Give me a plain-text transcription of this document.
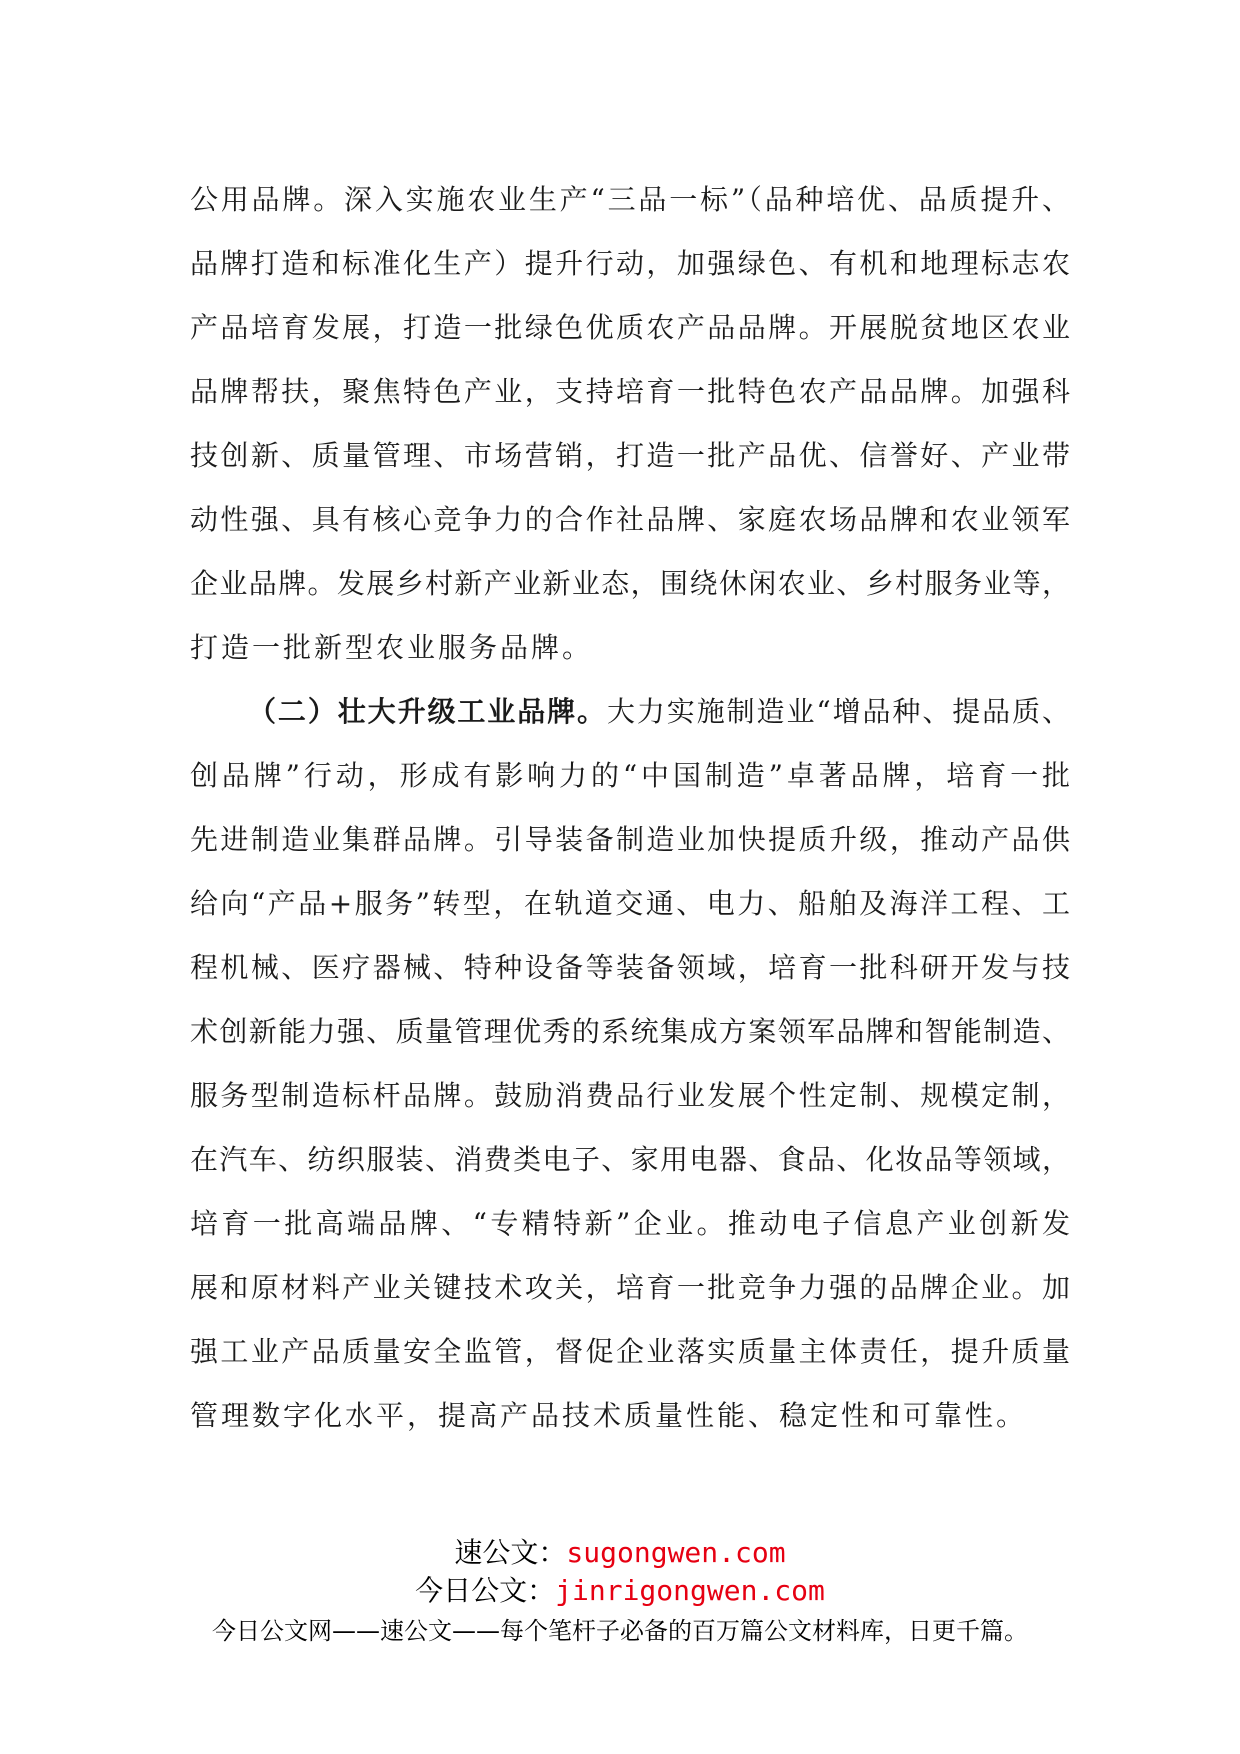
公用品牌。深入实施农业生产“三品一标”（品种培优、品质提升、
品牌打造和标准化生产）提升行动，加强绿色、有机和地理标志农
产品培育发展，打造一批绿色优质农产品品牌。开展脱贫地区农业
品牌帮扶，聚焦特色产业，支持培育一批特色农产品品牌。加强科
技创新、质量管理、市场营销，打造一批产品优、信誉好、产业带
动性强、具有核心竞争力的合作社品牌、家庭农场品牌和农业领军
企业品牌。发展乡村新产业新业态，围绕休闲农业、乡村服务业等，
打造一批新型农业服务品牌。
（二）壮大升级工业品牌。大力实施制造业“增品种、提品质、
创品牌”行动，形成有影响力的“中国制造”卓著品牌，培育一批
先进制造业集群品牌。引导装备制造业加快提质升级，推动产品供
给向“产品+服务”转型，在轨道交通、电力、船舶及海洋工程、工
程机械、医疗器械、特种设备等装备领域，培育一批科研开发与技
术创新能力强、质量管理优秀的系统集成方案领军品牌和智能制造、
服务型制造标杆品牌。鼓励消费品行业发展个性定制、规模定制，
在汽车、纺织服装、消费类电子、家用电器、食品、化妆品等领域，
培育一批高端品牌、“专精特新”企业。推动电子信息产业创新发
展和原材料产业关键技术攻关，培育一批竞争力强的品牌企业。加
强工业产品质量安全监管，督促企业落实质量主体责任，提升质量
管理数字化水平，提高产品技术质量性能、稳定性和可靠性。
速公文：sugongwen.com
今日公文：jinrigongwen.com
今日公文网——速公文——每个笔杆子必备的百万篇公文材料库，日更千篇。
